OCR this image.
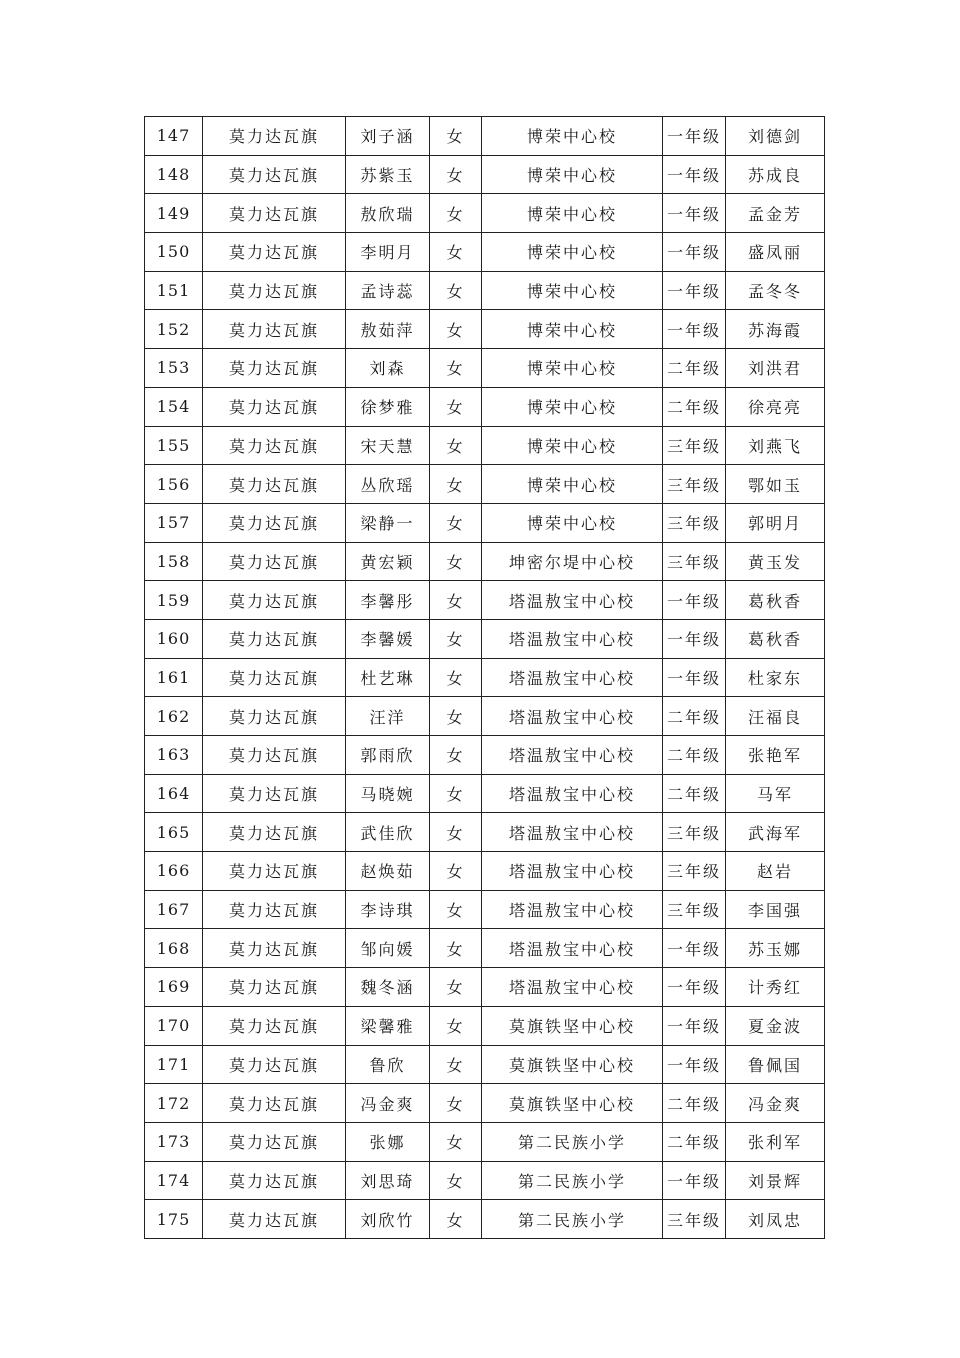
147	莫力达瓦旗	刘子涵	女	博荣中心校	一年级	刘德剑
148	莫力达瓦旗	苏紫玉	女	博荣中心校	一年级	苏成良
149	莫力达瓦旗	敖欣瑞	女	博荣中心校	一年级	孟金芳
150	莫力达瓦旗	李明月	女	博荣中心校	一年级	盛凤丽
151	莫力达瓦旗	孟诗蕊	女	博荣中心校	一年级	孟冬冬
152	莫力达瓦旗	敖茹萍	女	博荣中心校	一年级	苏海霞
153	莫力达瓦旗	刘森	女	博荣中心校	二年级	刘洪君
154	莫力达瓦旗	徐梦雅	女	博荣中心校	二年级	徐亮亮
155	莫力达瓦旗	宋天慧	女	博荣中心校	三年级	刘燕飞
156	莫力达瓦旗	丛欣瑶	女	博荣中心校	三年级	鄂如玉
157	莫力达瓦旗	梁静一	女	博荣中心校	三年级	郭明月
158	莫力达瓦旗	黄宏颖	女	坤密尔堤中心校	三年级	黄玉发
159	莫力达瓦旗	李馨彤	女	塔温敖宝中心校	一年级	葛秋香
160	莫力达瓦旗	李馨媛	女	塔温敖宝中心校	一年级	葛秋香
161	莫力达瓦旗	杜艺琳	女	塔温敖宝中心校	一年级	杜家东
162	莫力达瓦旗	汪洋	女	塔温敖宝中心校	二年级	汪福良
163	莫力达瓦旗	郭雨欣	女	塔温敖宝中心校	二年级	张艳军
164	莫力达瓦旗	马晓婉	女	塔温敖宝中心校	二年级	马军
165	莫力达瓦旗	武佳欣	女	塔温敖宝中心校	三年级	武海军
166	莫力达瓦旗	赵焕茹	女	塔温敖宝中心校	三年级	赵岩
167	莫力达瓦旗	李诗琪	女	塔温敖宝中心校	三年级	李国强
168	莫力达瓦旗	邹向媛	女	塔温敖宝中心校	一年级	苏玉娜
169	莫力达瓦旗	魏冬涵	女	塔温敖宝中心校	一年级	计秀红
170	莫力达瓦旗	梁馨雅	女	莫旗铁坚中心校	一年级	夏金波
171	莫力达瓦旗	鲁欣	女	莫旗铁坚中心校	一年级	鲁佩国
172	莫力达瓦旗	冯金爽	女	莫旗铁坚中心校	二年级	冯金爽
173	莫力达瓦旗	张娜	女	第二民族小学	二年级	张利军
174	莫力达瓦旗	刘思琦	女	第二民族小学	一年级	刘景辉
175	莫力达瓦旗	刘欣竹	女	第二民族小学	三年级	刘凤忠
